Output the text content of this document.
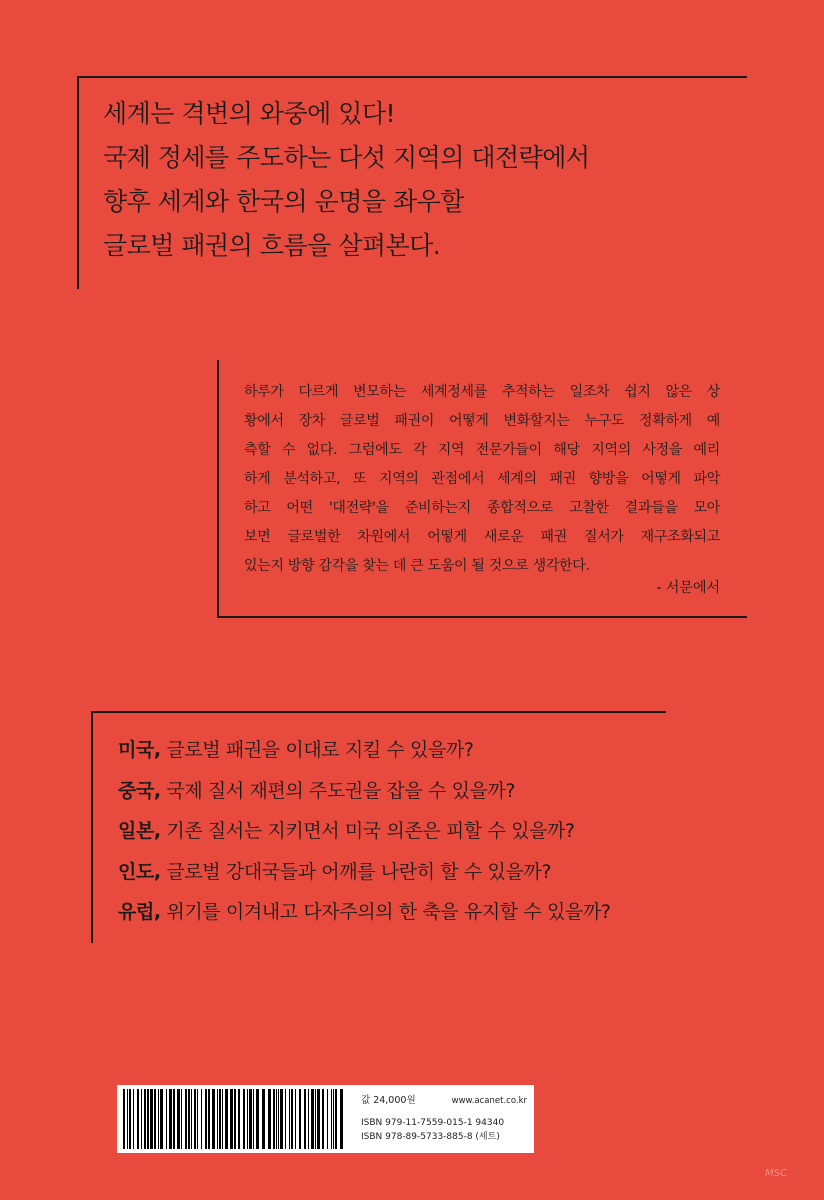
세계는 격변의 와중에 있다!
국제 정세를 주도하는 다섯 지역의 대전략에서
향후 세계와 한국의 운명을 좌우할
글로벌 패권의 흐름을 살펴본다.
하루가 다르게 변모하는 세계정세를 추적하는 일조차 쉽지 않은 상
황에서 장차 글로벌 패권이 어떻게 변화할지는 누구도 정확하게 예
측할 수 없다. 그럼에도 각 지역 전문가들이 해당 지역의 사정을 예리
하게 분석하고, 또 지역의 관점에서 세계의 패권 향방을 어떻게 파악
하고 어떤 '대전략'을 준비하는지 종합적으로 고찰한 결과들을 모아
보면 글로벌한 차원에서 어떻게 새로운 패권 질서가 재구조화되고
있는지 방향 감각을 찾는 데 큰 도움이 될 것으로 생각한다.
- 서문에서
미국, 글로벌 패권을 이대로 지킬 수 있을까?
중국, 국제 질서 재편의 주도권을 잡을 수 있을까?
일본, 기존 질서는 지키면서 미국 의존은 피할 수 있을까?
인도, 글로벌 강대국들과 어깨를 나란히 할 수 있을까?
유럽, 위기를 이겨내고 다자주의의 한 축을 유지할 수 있을까?
값 24,000원	www.acanet.co.kr
ISBN 979-11-7559-015-1 94340
ISBN 978-89-5733-885-8 (세트)
MSC
